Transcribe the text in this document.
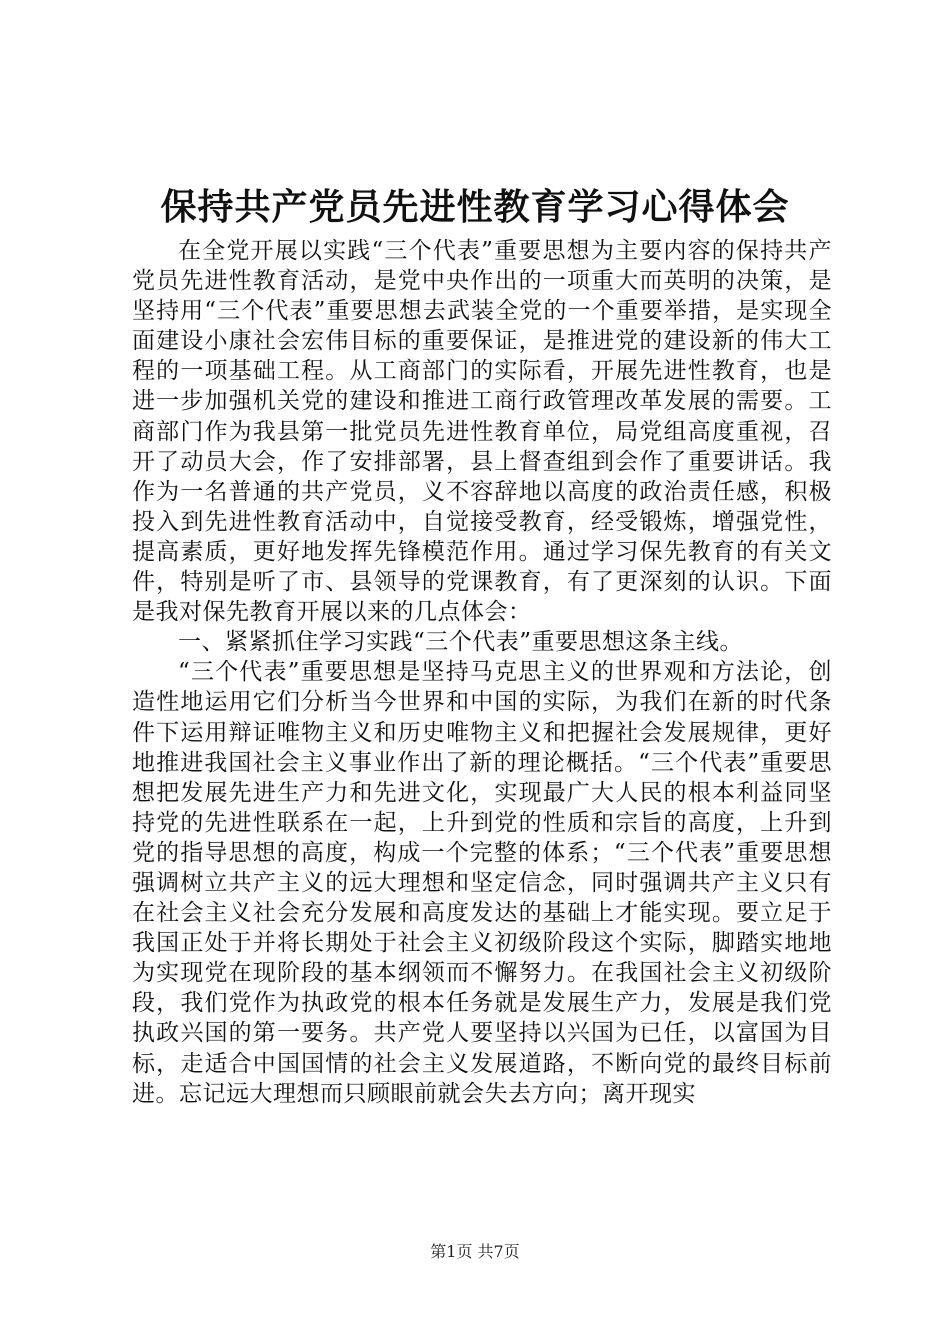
保持共产党员先进性教育学习心得体会

在全党开展以实践“三个代表”重要思想为主要内容的保持共产党员先进性教育活动，是党中央作出的一项重大而英明的决策，是坚持用“三个代表”重要思想去武装全党的一个重要举措，是实现全面建设小康社会宏伟目标的重要保证，是推进党的建设新的伟大工程的一项基础工程。从工商部门的实际看，开展先进性教育，也是进一步加强机关党的建设和推进工商行政管理改革发展的需要。工商部门作为我县第一批党员先进性教育单位，局党组高度重视，召开了动员大会，作了安排部署，县上督查组到会作了重要讲话。我作为一名普通的共产党员，义不容辞地以高度的政治责任感，积极投入到先进性教育活动中，自觉接受教育，经受锻炼，增强党性，提高素质，更好地发挥先锋模范作用。通过学习保先教育的有关文件，特别是听了市、县领导的党课教育，有了更深刻的认识。下面是我对保先教育开展以来的几点体会：

一、紧紧抓住学习实践“三个代表”重要思想这条主线。

“三个代表”重要思想是坚持马克思主义的世界观和方法论，创造性地运用它们分析当今世界和中国的实际，为我们在新的时代条件下运用辩证唯物主义和历史唯物主义和把握社会发展规律，更好地推进我国社会主义事业作出了新的理论概括。“三个代表”重要思想把发展先进生产力和先进文化，实现最广大人民的根本利益同坚持党的先进性联系在一起，上升到党的性质和宗旨的高度，上升到党的指导思想的高度，构成一个完整的体系；“三个代表”重要思想强调树立共产主义的远大理想和坚定信念，同时强调共产主义只有在社会主义社会充分发展和高度发达的基础上才能实现。要立足于我国正处于并将长期处于社会主义初级阶段这个实际，脚踏实地地为实现党在现阶段的基本纲领而不懈努力。在我国社会主义初级阶段，我们党作为执政党的根本任务就是发展生产力，发展是我们党执政兴国的第一要务。共产党人要坚持以兴国为已任，以富国为目标，走适合中国国情的社会主义发展道路，不断向党的最终目标前进。忘记远大理想而只顾眼前就会失去方向；离开现实

第1页 共7页
